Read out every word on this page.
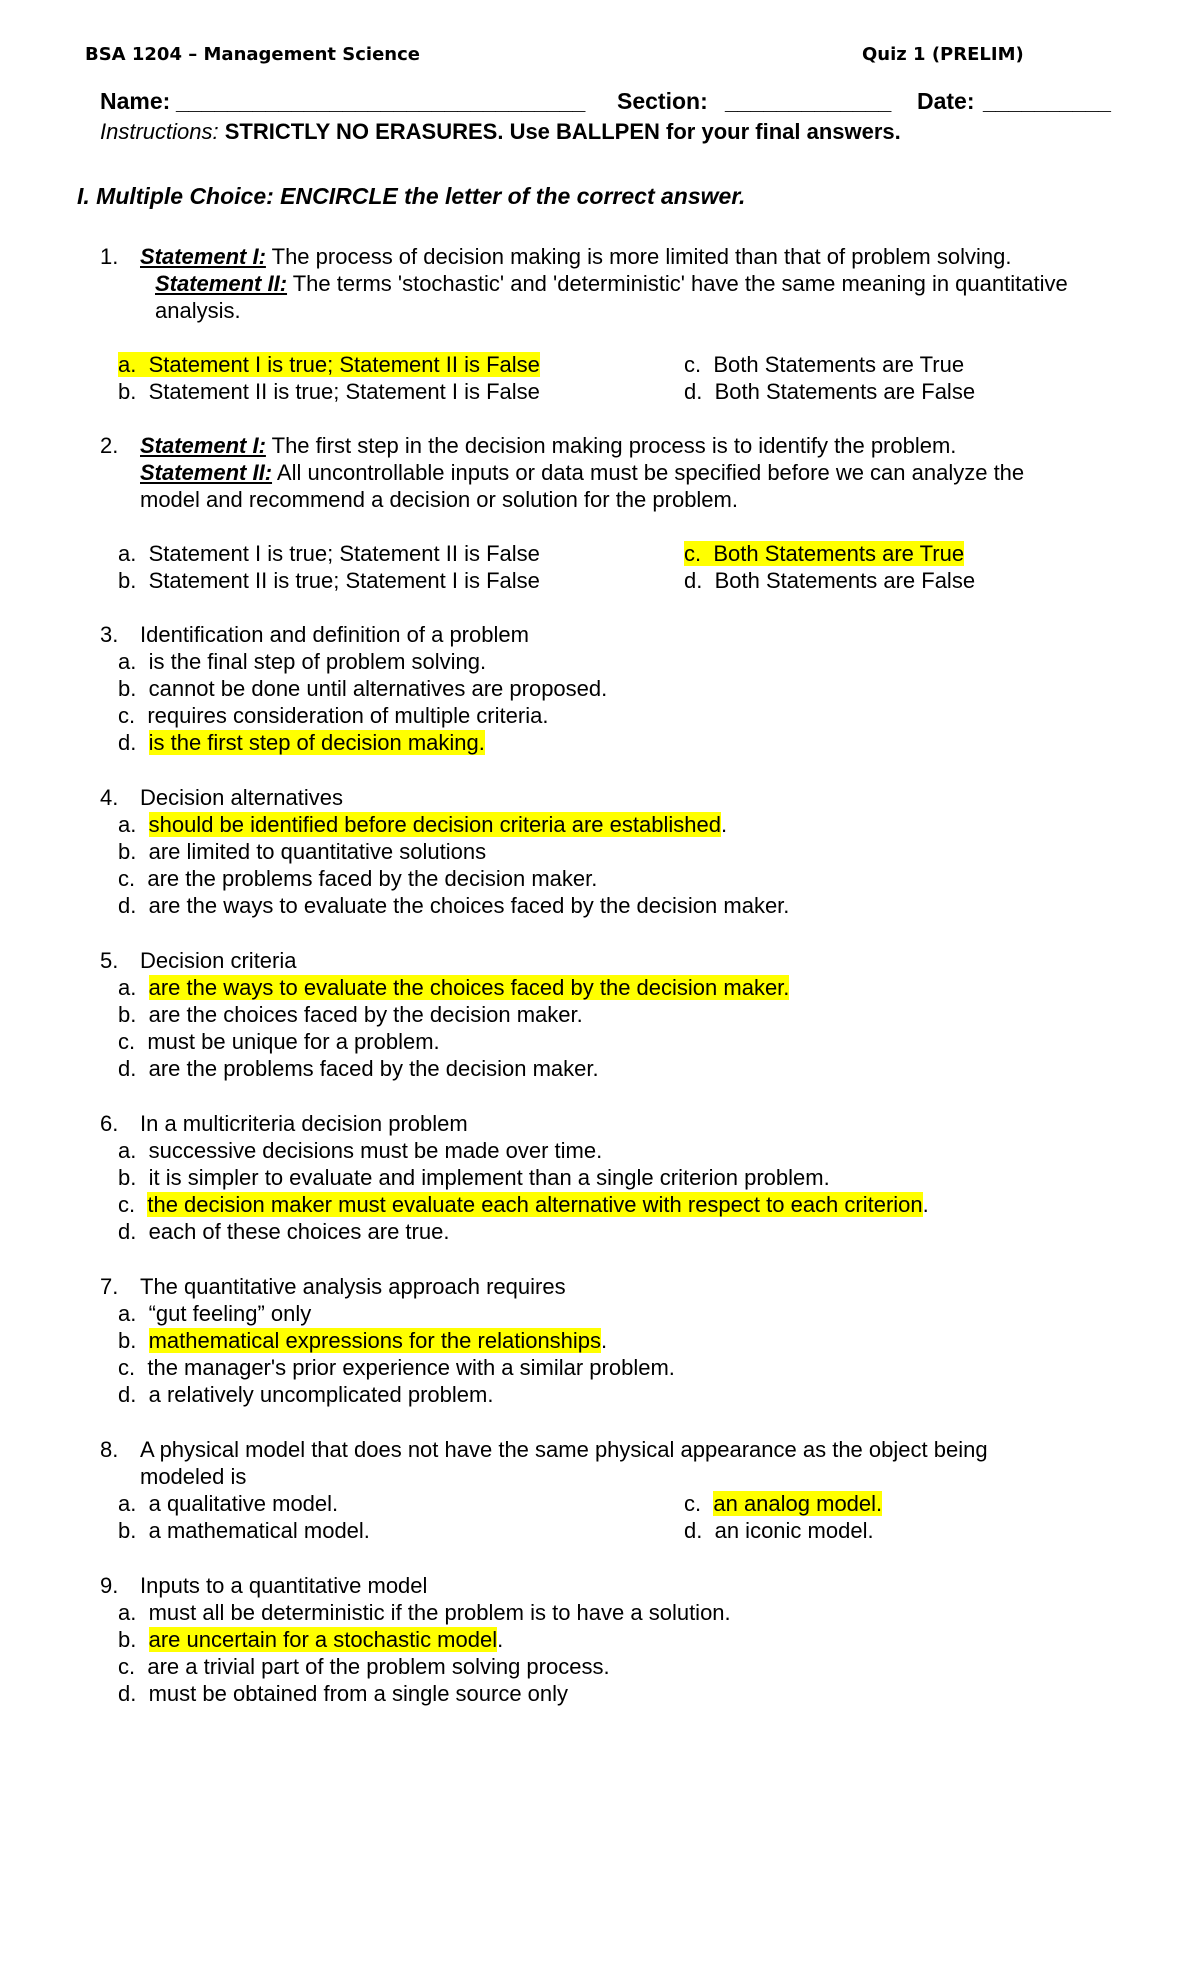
BSA 1204 – Management Science	Quiz 1 (PRELIM)
Name: ________________________________ Section: _____________ Date: __________
Instructions: STRICTLY NO ERASURES. Use BALLPEN for your final answers.
I. Multiple Choice: ENCIRCLE the letter of the correct answer.
1. Statement I: The process of decision making is more limited than that of problem solving.
Statement II: The terms 'stochastic' and 'deterministic' have the same meaning in quantitative
analysis.
a. Statement I is true; Statement II is False
b. Statement II is true; Statement I is False
c. Both Statements are True
d. Both Statements are False
2. Statement I: The first step in the decision making process is to identify the problem.
Statement II: All uncontrollable inputs or data must be specified before we can analyze the
model and recommend a decision or solution for the problem.
a. Statement I is true; Statement II is False
b. Statement II is true; Statement I is False
c. Both Statements are True
d. Both Statements are False
3. Identification and definition of a problem
a. is the final step of problem solving.
b. cannot be done until alternatives are proposed.
c. requires consideration of multiple criteria.
d. is the first step of decision making.
4. Decision alternatives
a. should be identified before decision criteria are established.
b. are limited to quantitative solutions
c. are the problems faced by the decision maker.
d. are the ways to evaluate the choices faced by the decision maker.
5. Decision criteria
a. are the ways to evaluate the choices faced by the decision maker.
b. are the choices faced by the decision maker.
c. must be unique for a problem.
d. are the problems faced by the decision maker.
6. In a multicriteria decision problem
a. successive decisions must be made over time.
b. it is simpler to evaluate and implement than a single criterion problem.
c. the decision maker must evaluate each alternative with respect to each criterion.
d. each of these choices are true.
7. The quantitative analysis approach requires
a. “gut feeling” only
b. mathematical expressions for the relationships.
c. the manager's prior experience with a similar problem.
d. a relatively uncomplicated problem.
8. A physical model that does not have the same physical appearance as the object being
modeled is
a. a qualitative model.
b. a mathematical model.
c. an analog model.
d. an iconic model.
9. Inputs to a quantitative model
a. must all be deterministic if the problem is to have a solution.
b. are uncertain for a stochastic model.
c. are a trivial part of the problem solving process.
d. must be obtained from a single source only
